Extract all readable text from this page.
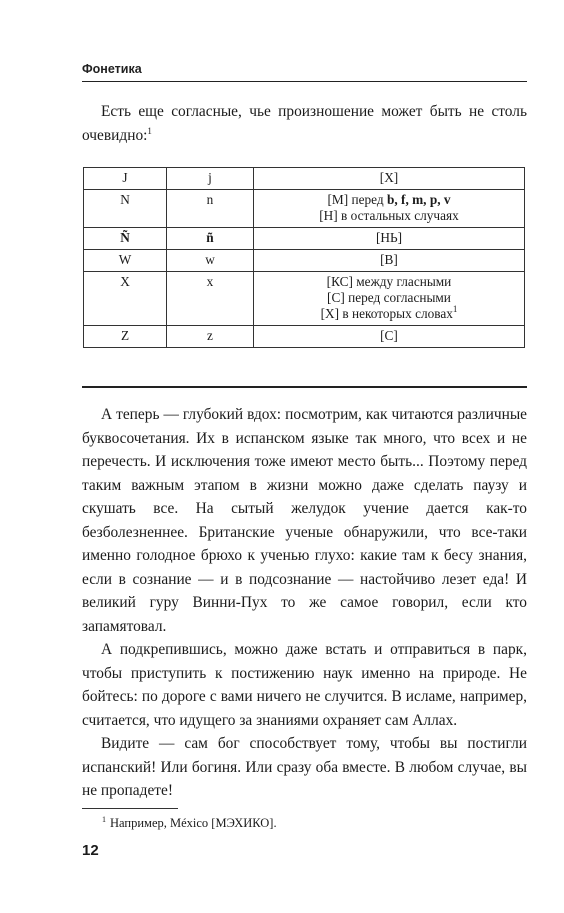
Фонетика

Есть еще согласные, чье произношение может быть не столь очевидно:$^1$

J	j	[Х]

N	n	[М] перед b, f, m, p, v
[Н] в остальных случаях

Ñ	ñ	[НЬ]

W	w	[В]

X	x	[КС] между гласными
[С] перед согласными
[Х] в некоторых словах$^1$

Z	z	[С]

А теперь — глубокий вдох: посмотрим, как читаются различные буквосочетания. Их в испанском языке так много, что всех и не перечесть. И исключения тоже имеют место быть... Поэтому перед таким важным этапом в жизни можно даже сделать паузу и скушать все. На сытый желудок учение дается как-то безболезненнее. Британские ученые обнаружили, что все-таки именно голодное брюхо к ученью глухо: какие там к бесу знания, если в сознание — и в подсознание — настойчиво лезет еда! И великий гуру Винни-Пух то же самое говорил, если кто запамятовал.

А подкрепившись, можно даже встать и отправиться в парк, чтобы приступить к постижению наук именно на природе. Не бойтесь: по дороге с вами ничего не случится. В исламе, например, считается, что идущего за знаниями охраняет сам Аллах.

Видите — сам бог способствует тому, чтобы вы постигли испанский! Или богиня. Или сразу оба вместе. В любом случае, вы не пропадете!

$^1$ Например, México [МЭХИКО].
12
